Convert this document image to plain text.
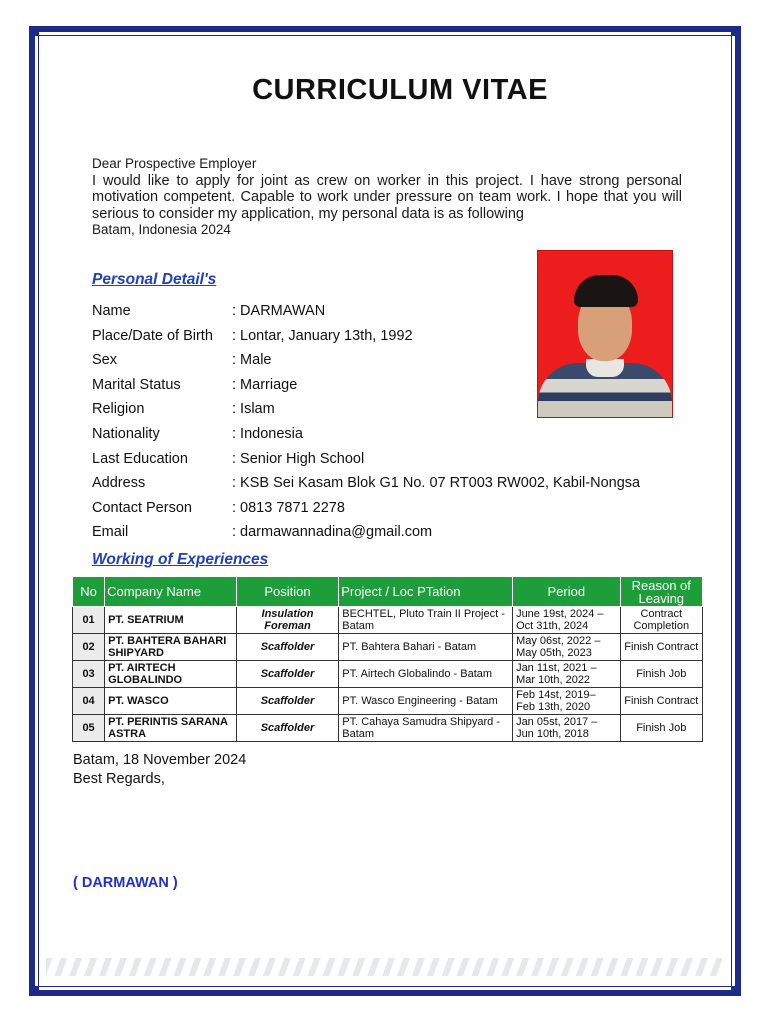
CURRICULUM VITAE
Dear Prospective Employer
I would like to apply for joint as crew on worker in this project. I have strong personal motivation competent. Capable to work under pressure on team work. I hope that you will serious to consider my application, my personal data is as following
Batam, Indonesia 2024
Personal Detail's
Name	: DARMAWAN
Place/Date of Birth	: Lontar, January 13th, 1992
Sex	: Male
Marital Status	: Marriage
Religion	: Islam
Nationality	: Indonesia
Last Education	: Senior High School
Address	: KSB Sei Kasam Blok G1 No. 07 RT003 RW002, Kabil-Nongsa
Contact Person	: 0813 7871 2278
Email	: darmawannadina@gmail.com
Working of Experiences
No	Company Name	Position	Project / Loc PTation	Period	Reason of Leaving
01	PT. SEATRIUM	Insulation Foreman	BECHTEL, Pluto Train II Project - Batam	June 19st, 2024 – Oct 31th, 2024	Contract Completion
02	PT. BAHTERA BAHARI SHIPYARD	Scaffolder	PT. Bahtera Bahari - Batam	May 06st, 2022 – May 05th, 2023	Finish Contract
03	PT. AIRTECH GLOBALINDO	Scaffolder	PT. Airtech Globalindo - Batam	Jan 11st, 2021 – Mar 10th, 2022	Finish Job
04	PT. WASCO	Scaffolder	PT. Wasco Engineering - Batam	Feb 14st, 2019– Feb 13th, 2020	Finish Contract
05	PT. PERINTIS SARANA ASTRA	Scaffolder	PT. Cahaya Samudra Shipyard - Batam	Jan 05st, 2017 – Jun 10th, 2018	Finish Job
Batam, 18 November 2024
Best Regards,
( DARMAWAN )
